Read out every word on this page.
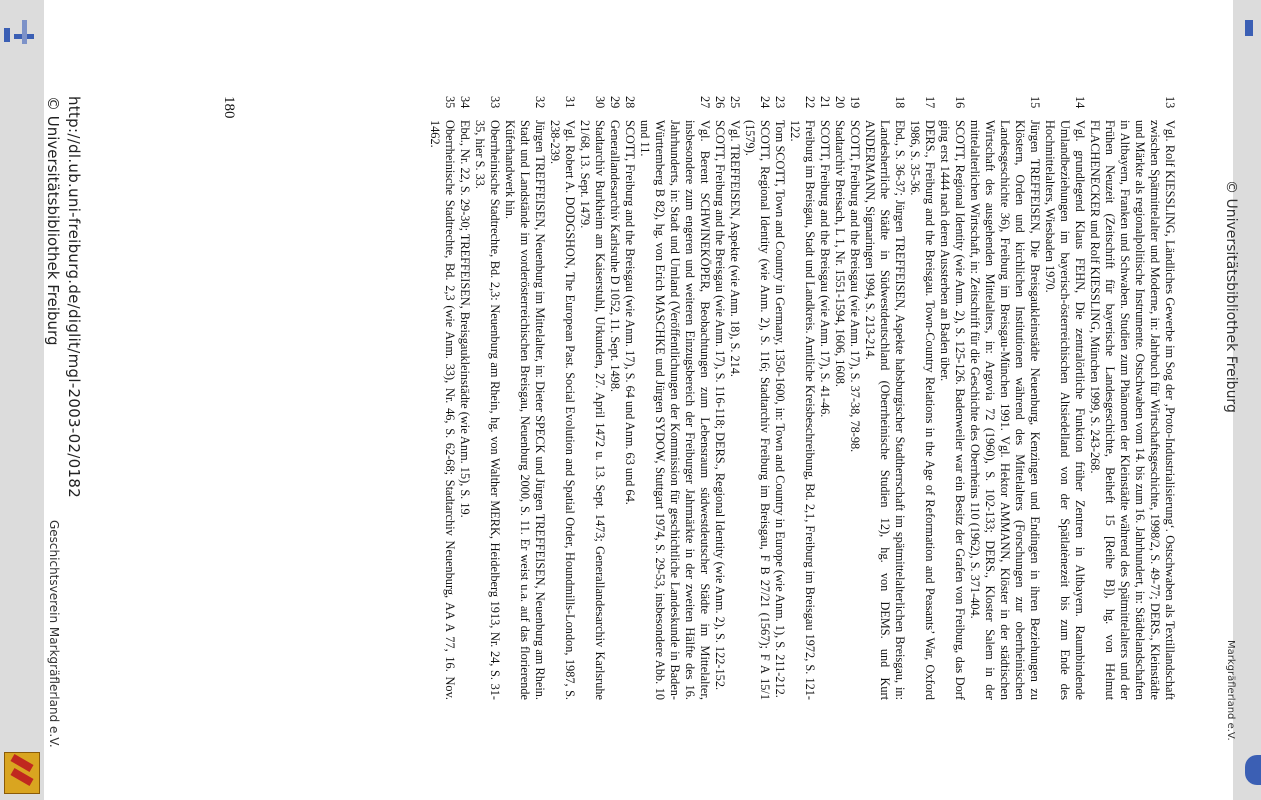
© Universitätsbibliothek Freiburg
Markgräflerland e.V.
13
Vgl. Rolf KIESSLING, Ländliches Gewerbe im Sog der ‚Proto-Industrialisierung‘. Ostschwaben als Textillandschaft zwischen Spätmittelalter und Moderne, in: Jahrbuch für Wirtschaftsgeschichte, 1998/2, S. 49-77; DERS., Kleinstädte und Märkte als regionalpolitische Instrumente. Ostschwaben vom 14. bis zum 16. Jahrhundert, in: Städtelandschaften in Altbayern, Franken und Schwaben. Studien zum Phänomen der Kleinstädte während des Spätmittelalters und der Frühen Neuzeit (Zeitschrift für bayerische Landesgeschichte, Beiheft 15 [Reihe B]), hg. von Helmut FLACHENECKER und Rolf KIESSLING, München 1999, S. 243-268.
14
Vgl. grundlegend Klaus FEHN, Die zentralörtliche Funktion früher Zentren in Altbayern. Raumbindende Umlandbeziehungen im bayerisch-österreichischen Altsiedelland von der Spätlatènezeit bis zum Ende des Hochmittelalters, Wiesbaden 1970.
15
Jürgen TREFFEISEN, Die Breisgaukleinstädte Neuenburg, Kenzingen und Endingen in ihren Beziehungen zu Klöstern, Orden und kirchlichen Institutionen während des Mittelalters (Forschungen zur oberrheinischen Landesgeschichte 36), Freiburg im Breisgau-München 1991. Vgl. Hektor AMMANN, Klöster in der städtischen Wirtschaft des ausgehenden Mittelalters, in: Argovia 72 (1960), S. 102-133; DERS., Kloster Salem in der mittelalterlichen Wirtschaft, in: Zeitschrift für die Geschichte des Oberrheins 110 (1962), S. 371-404.
16
SCOTT, Regional Identity (wie Anm. 2), S. 125-126. Badenweiler war ein Besitz der Grafen von Freiburg, das Dorf ging erst 1444 nach deren Aussterben an Baden über.
17
DERS., Freiburg and the Breisgau. Town-Country Relations in the Age of Reformation and Peasants’ War, Oxford 1986, S. 35-36.
18
Ebd., S. 36-37; Jürgen TREFFEISEN, Aspekte habsburgischer Stadtherrschaft im spätmittelalterlichen Breisgau, in: Landesherrliche Städte in Südwestdeutschland (Oberrheinische Studien 12), hg. von DEMS. und Kurt ANDERMANN, Sigmaringen 1994, S. 213-214.
19
SCOTT, Freiburg and the Breisgau (wie Anm. 17), S. 37-38, 78-98.
20
Stadtarchiv Breisach, L 1, Nr. 1551-1594, 1606, 1608.
21
SCOTT, Freiburg and the Breisgau (wie Anm. 17), S. 41-46.
22
Freiburg im Breisgau, Stadt und Landkreis. Amtliche Kreisbeschreibung, Bd. 2,1, Freiburg im Breisgau 1972, S. 121-122.
23
Tom SCOTT, Town and Country in Germany, 1350-1600, in: Town and Country in Europe (wie Anm. 1), S. 211-212.
24
SCOTT, Regional Identity (wie Anm. 2), S. 116; Stadtarchiv Freiburg im Breisgau, F B 27/21 (1567); F A 15/1 (1579).
25
Vgl. TREFFEISEN, Aspekte (wie Anm. 18), S. 214.
26
SCOTT, Freiburg and the Breisgau (wie Anm. 17), S. 116-118; DERS., Regional Identity (wie Anm. 2), S. 122-152.
27
Vgl. Berent SCHWINEKÖPER, Beobachtungen zum Lebensraum südwestdeutscher Städte im Mittelalter, insbesondere zum engeren und weiteren Einzugsbereich der Freiburger Jahrmärkte in der zweiten Hälfte des 16. Jahrhunderts, in: Stadt und Umland (Veröffentlichungen der Kommission für geschichtliche Landeskunde in Baden-Württemberg B 82), hg. von Erich MASCHKE und Jürgen SYDOW, Stuttgart 1974, S. 29-53, insbesondere Abb. 10 und 11.
28
SCOTT, Freiburg and the Breisgau (wie Anm. 17), S. 64 und Anm. 63 und 64.
29
Generallandesarchiv Karlsruhe D 1052, 11. Sept. 1498.
30
Stadtarchiv Burkheim am Kaiserstuhl, Urkunden, 27. April 1472 u. 13. Sept. 1473; Generallandesarchiv Karlsruhe 21/68, 13. Sept. 1479.
31
Vgl. Robert A. DODGSHON, The European Past. Social Evolution and Spatial Order, Houndmills-London, 1987, S. 238-239.
32
Jürgen TREFFEISEN, Neuenburg im Mittelalter, in: Dieter SPECK und Jürgen TREFFEISEN, Neuenburg am Rhein. Stadt und Landstände im vorderösterreichischen Breisgau, Neuenburg 2000, S. 11. Er weist u.a. auf das florierende Küferhandwerk hin.
33
Oberrheinische Stadtrechte, Bd. 2,3: Neuenburg am Rhein, hg. von Walther MERK, Heidelberg 1913, Nr. 24, S. 31-35, hier S. 33.
34
Ebd., Nr. 22, S. 29-30; TREFFEISEN, Breisgaukleinstädte (wie Anm. 15), S. 19.
35
Oberrheinische Stadtrechte, Bd. 2,3 (wie Anm. 33), Nr. 46, S. 62-68; Stadtarchiv Neuenburg, AA A 77, 16. Nov. 1462.
180
http://dl.ub.uni-freiburg.de/diglit/mgl-2003-02/0182
© Universitätsbibliothek Freiburg
Geschichtsverein Markgräflerland e.V.
